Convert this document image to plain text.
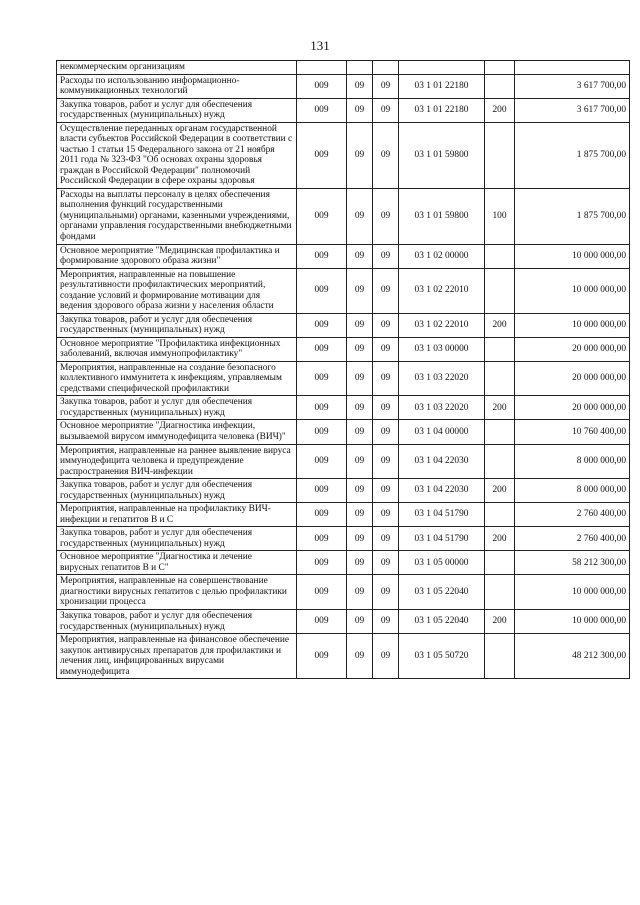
131
некоммерческим организациям						
Расходы по использованию информационно-коммуникационных технологий	009	09	09	03 1 01 22180		3 617 700,00
Закупка товаров, работ и услуг для обеспечения государственных (муниципальных) нужд	009	09	09	03 1 01 22180	200	3 617 700,00
Осуществление переданных органам государственной власти субъектов Российской Федерации в соответствии с частью 1 статьи 15 Федерального закона от 21 ноября 2011 года № 323-ФЗ "Об основах охраны здоровья граждан в Российской Федерации" полномочий Российской Федерации в сфере охраны здоровья	009	09	09	03 1 01 59800		1 875 700,00
Расходы на выплаты персоналу в целях обеспечения выполнения функций государственными (муниципальными) органами, казенными учреждениями, органами управления государственными внебюджетными фондами	009	09	09	03 1 01 59800	100	1 875 700,00
Основное мероприятие "Медицинская профилактика и формирование здорового образа жизни"	009	09	09	03 1 02 00000		10 000 000,00
Мероприятия, направленные на повышение результативности профилактических мероприятий, создание условий и формирование мотивации для ведения здорового образа жизни у населения области	009	09	09	03 1 02 22010		10 000 000,00
Закупка товаров, работ и услуг для обеспечения государственных (муниципальных) нужд	009	09	09	03 1 02 22010	200	10 000 000,00
Основное мероприятие "Профилактика инфекционных заболеваний, включая иммунопрофилактику"	009	09	09	03 1 03 00000		20 000 000,00
Мероприятия, направленные на создание безопасного коллективного иммунитета к инфекциям, управляемым средствами специфической профилактики	009	09	09	03 1 03 22020		20 000 000,00
Закупка товаров, работ и услуг для обеспечения государственных (муниципальных) нужд	009	09	09	03 1 03 22020	200	20 000 000,00
Основное мероприятие "Диагностика инфекции, вызываемой вирусом иммунодефицита человека (ВИЧ)"	009	09	09	03 1 04 00000		10 760 400,00
Мероприятия, направленные на раннее выявление вируса иммунодефицита человека и предупреждение распространения ВИЧ-инфекции	009	09	09	03 1 04 22030		8 000 000,00
Закупка товаров, работ и услуг для обеспечения государственных (муниципальных) нужд	009	09	09	03 1 04 22030	200	8 000 000,00
Мероприятия, направленные на профилактику ВИЧ-инфекции и гепатитов B и C	009	09	09	03 1 04 51790		2 760 400,00
Закупка товаров, работ и услуг для обеспечения государственных (муниципальных) нужд	009	09	09	03 1 04 51790	200	2 760 400,00
Основное мероприятие "Диагностика и лечение вирусных гепатитов B и C"	009	09	09	03 1 05 00000		58 212 300,00
Мероприятия, направленные на совершенствование диагностики вирусных гепатитов с целью профилактики хронизации процесса	009	09	09	03 1 05 22040		10 000 000,00
Закупка товаров, работ и услуг для обеспечения государственных (муниципальных) нужд	009	09	09	03 1 05 22040	200	10 000 000,00
Мероприятия, направленные на финансовое обеспечение закупок антивирусных препаратов для профилактики и лечения лиц, инфицированных вирусами иммунодефицита	009	09	09	03 1 05 50720		48 212 300,00
